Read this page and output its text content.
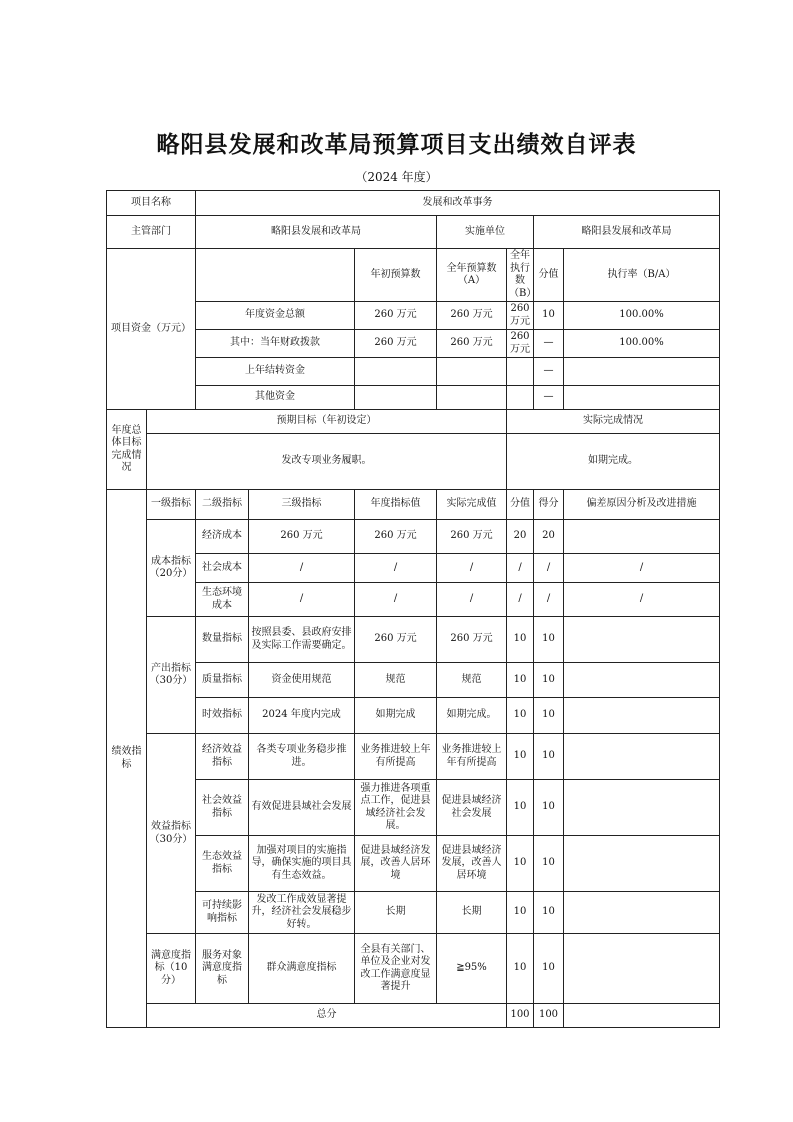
略阳县发展和改革局预算项目支出绩效自评表
（2024 年度）
项目名称		发展和改革事务							
主管部门		略阳县发展和改革局			实施单位		略阳县发展和改革局		
项目资金（万元）				年初预算数	全年预算数（A）	全年执行数（B）	分值	执行率（B/A）	
		年度资金总额		260 万元	260 万元	260 万元	10	100.00%	
		其中：当年财政拨款		260 万元	260 万元	260 万元	—	100.00%	
		上年结转资金					—		
		其他资金					—		
年度总体目标完成情况	预期目标（年初设定）					实际完成情况			
	发改专项业务履职。					如期完成。			
绩效指标	一级指标	二级指标	三级指标	年度指标值	实际完成值	分值	得分	偏差原因分析及改进措施	
	成本指标（20分）	经济成本	260 万元	260 万元	260 万元	20	20		
		社会成本	/	/	/	/	/	/	
		生态环境成本	/	/	/	/	/	/	
	产出指标（30分）	数量指标	按照县委、县政府安排及实际工作需要确定。	260 万元	260 万元	10	10		
		质量指标	资金使用规范	规范	规范	10	10		
		时效指标	2024 年度内完成	如期完成	如期完成。	10	10		
	效益指标（30分）	经济效益指标	各类专项业务稳步推进。	业务推进较上年有所提高	业务推进较上年有所提高	10	10		
		社会效益指标	有效促进县域社会发展	强力推进各项重点工作，促进县域经济社会发展。	促进县域经济社会发展	10	10		
		生态效益指标	加强对项目的实施指导，确保实施的项目具有生态效益。	促进县域经济发展，改善人居环境	促进县域经济发展，改善人居环境	10	10		
		可持续影响指标	发改工作成效显著提升，经济社会发展稳步好转。	长期	长期	10	10		
	满意度指标（10分）	服务对象满意度指标	群众满意度指标	全县有关部门、单位及企业对发改工作满意度显著提升	≧95%	10	10		
	总分					100	100		
